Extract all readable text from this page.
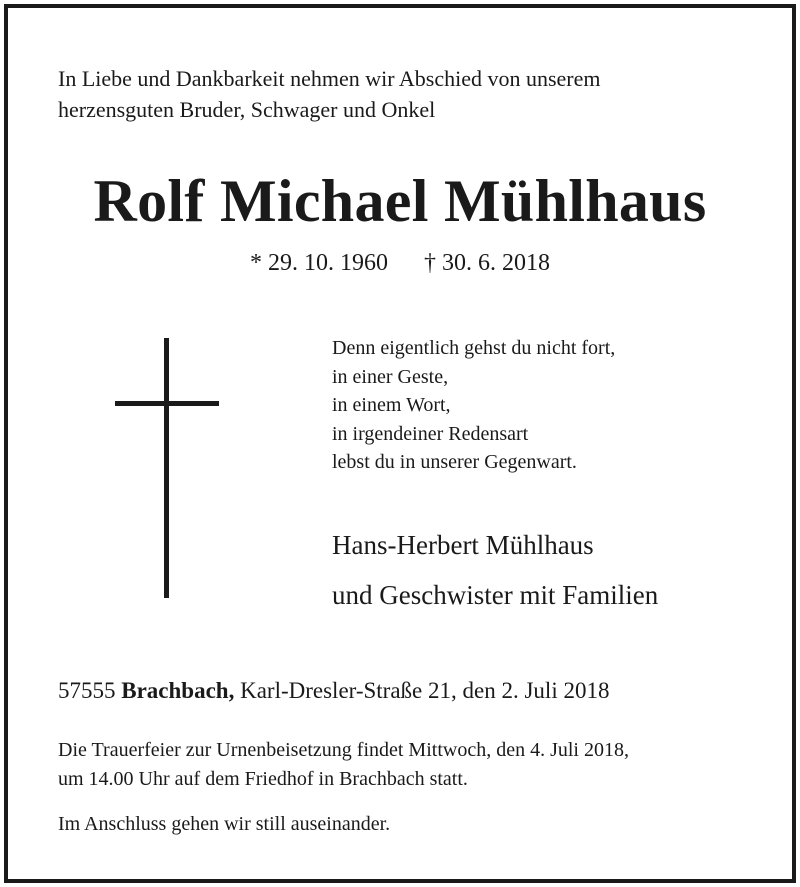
In Liebe und Dankbarkeit nehmen wir Abschied von unserem
herzensguten Bruder, Schwager und Onkel
Rolf Michael Mühlhaus
* 29. 10. 1960 † 30. 6. 2018
Denn eigentlich gehst du nicht fort,
in einer Geste,
in einem Wort,
in irgendeiner Redensart
lebst du in unserer Gegenwart.
Hans-Herbert Mühlhaus
und Geschwister mit Familien
57555 Brachbach, Karl-Dresler-Straße 21, den 2. Juli 2018
Die Trauerfeier zur Urnenbeisetzung findet Mittwoch, den 4. Juli 2018,
um 14.00 Uhr auf dem Friedhof in Brachbach statt.
Im Anschluss gehen wir still auseinander.
